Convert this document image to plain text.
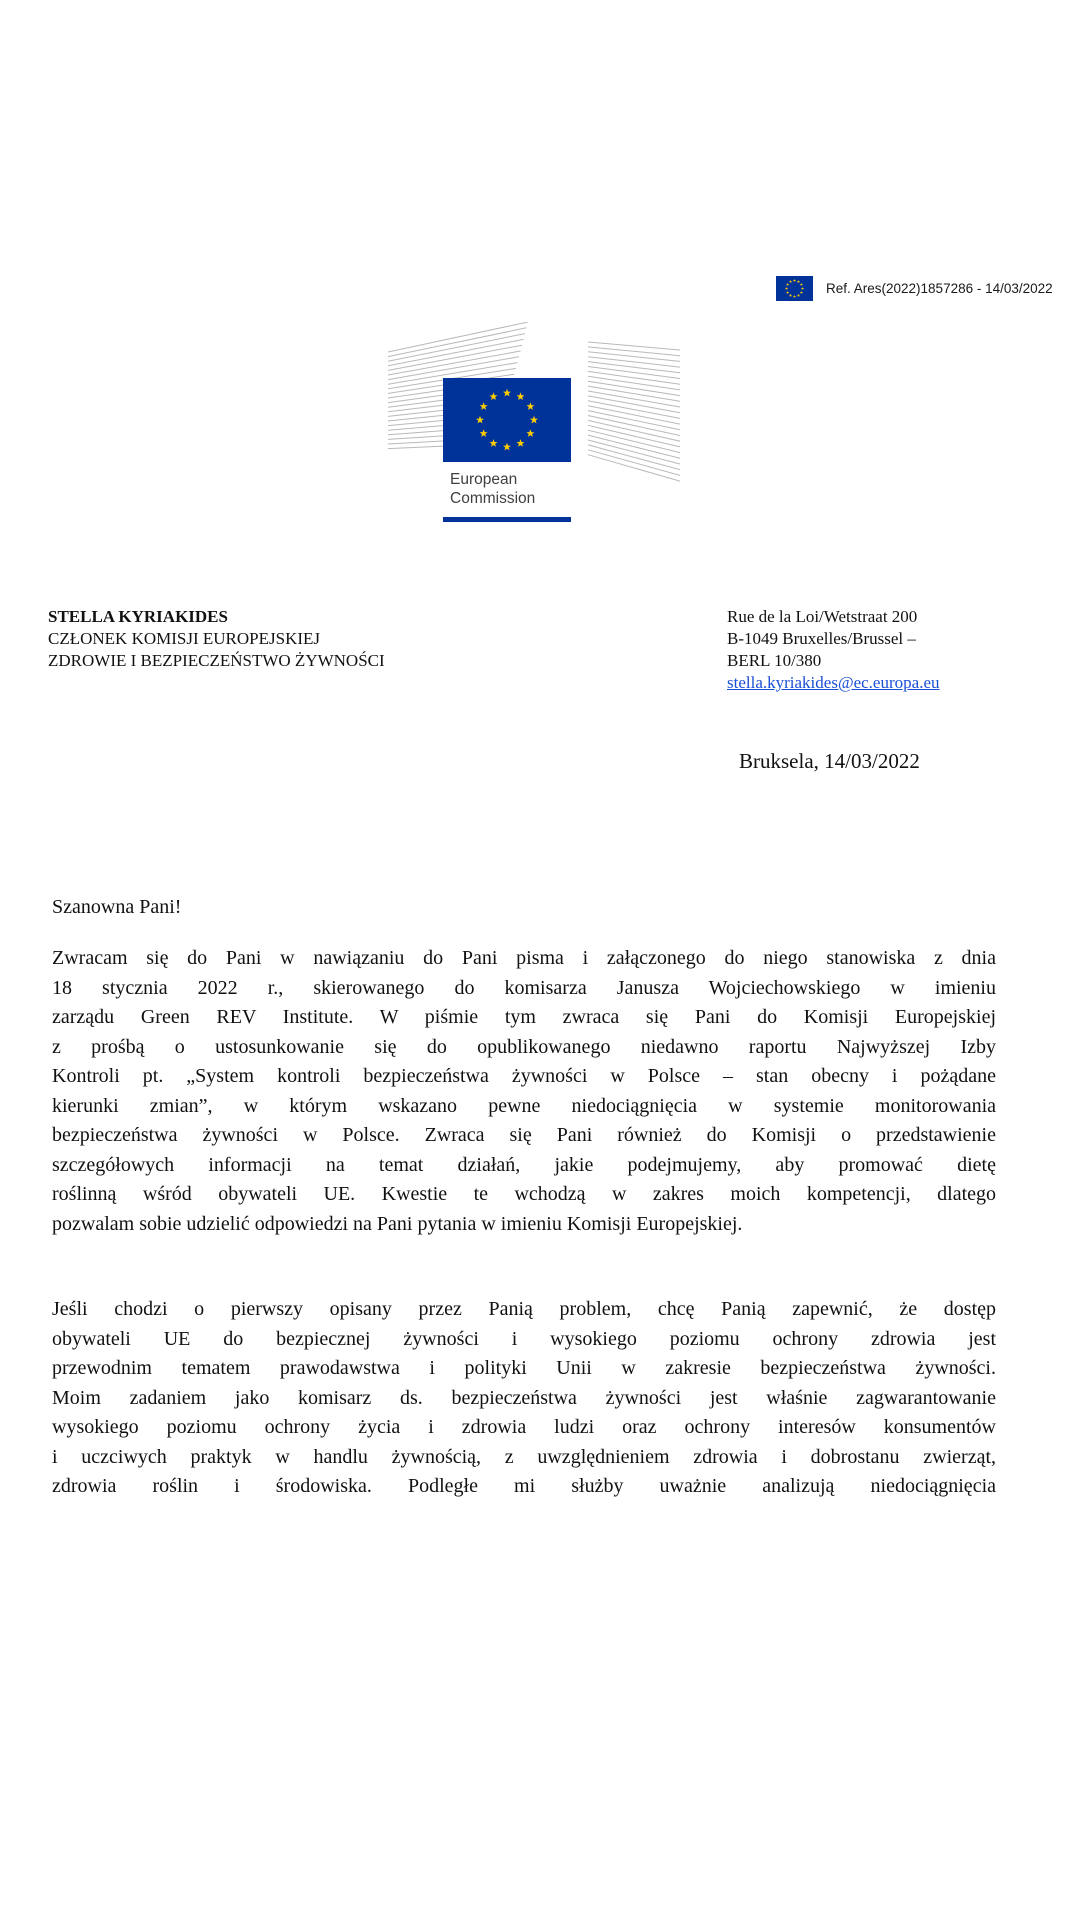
Ref. Ares(2022)1857286 - 14/03/2022
European
Commission
STELLA KYRIAKIDES
CZŁONEK KOMISJI EUROPEJSKIEJ
ZDROWIE I BEZPIECZEŃSTWO ŻYWNOŚCI
Rue de la Loi/Wetstraat 200
B-1049 Bruxelles/Brussel –
BERL 10/380
stella.kyriakides@ec.europa.eu
Bruksela, 14/03/2022
Szanowna Pani!
Zwracam się do Pani w nawiązaniu do Pani pisma i załączonego do niego stanowiska z dnia
18 stycznia 2022 r., skierowanego do komisarza Janusza Wojciechowskiego w imieniu
zarządu Green REV Institute. W piśmie tym zwraca się Pani do Komisji Europejskiej
z prośbą o ustosunkowanie się do opublikowanego niedawno raportu Najwyższej Izby
Kontroli pt. „System kontroli bezpieczeństwa żywności w Polsce – stan obecny i pożądane
kierunki zmian”, w którym wskazano pewne niedociągnięcia w systemie monitorowania
bezpieczeństwa żywności w Polsce. Zwraca się Pani również do Komisji o przedstawienie
szczegółowych informacji na temat działań, jakie podejmujemy, aby promować dietę
roślinną wśród obywateli UE. Kwestie te wchodzą w zakres moich kompetencji, dlatego
pozwalam sobie udzielić odpowiedzi na Pani pytania w imieniu Komisji Europejskiej.
Jeśli chodzi o pierwszy opisany przez Panią problem, chcę Panią zapewnić, że dostęp
obywateli UE do bezpiecznej żywności i wysokiego poziomu ochrony zdrowia jest
przewodnim tematem prawodawstwa i polityki Unii w zakresie bezpieczeństwa żywności.
Moim zadaniem jako komisarz ds. bezpieczeństwa żywności jest właśnie zagwarantowanie
wysokiego poziomu ochrony życia i zdrowia ludzi oraz ochrony interesów konsumentów
i uczciwych praktyk w handlu żywnością, z uwzględnieniem zdrowia i dobrostanu zwierząt,
zdrowia roślin i środowiska. Podległe mi służby uważnie analizują niedociągnięcia
